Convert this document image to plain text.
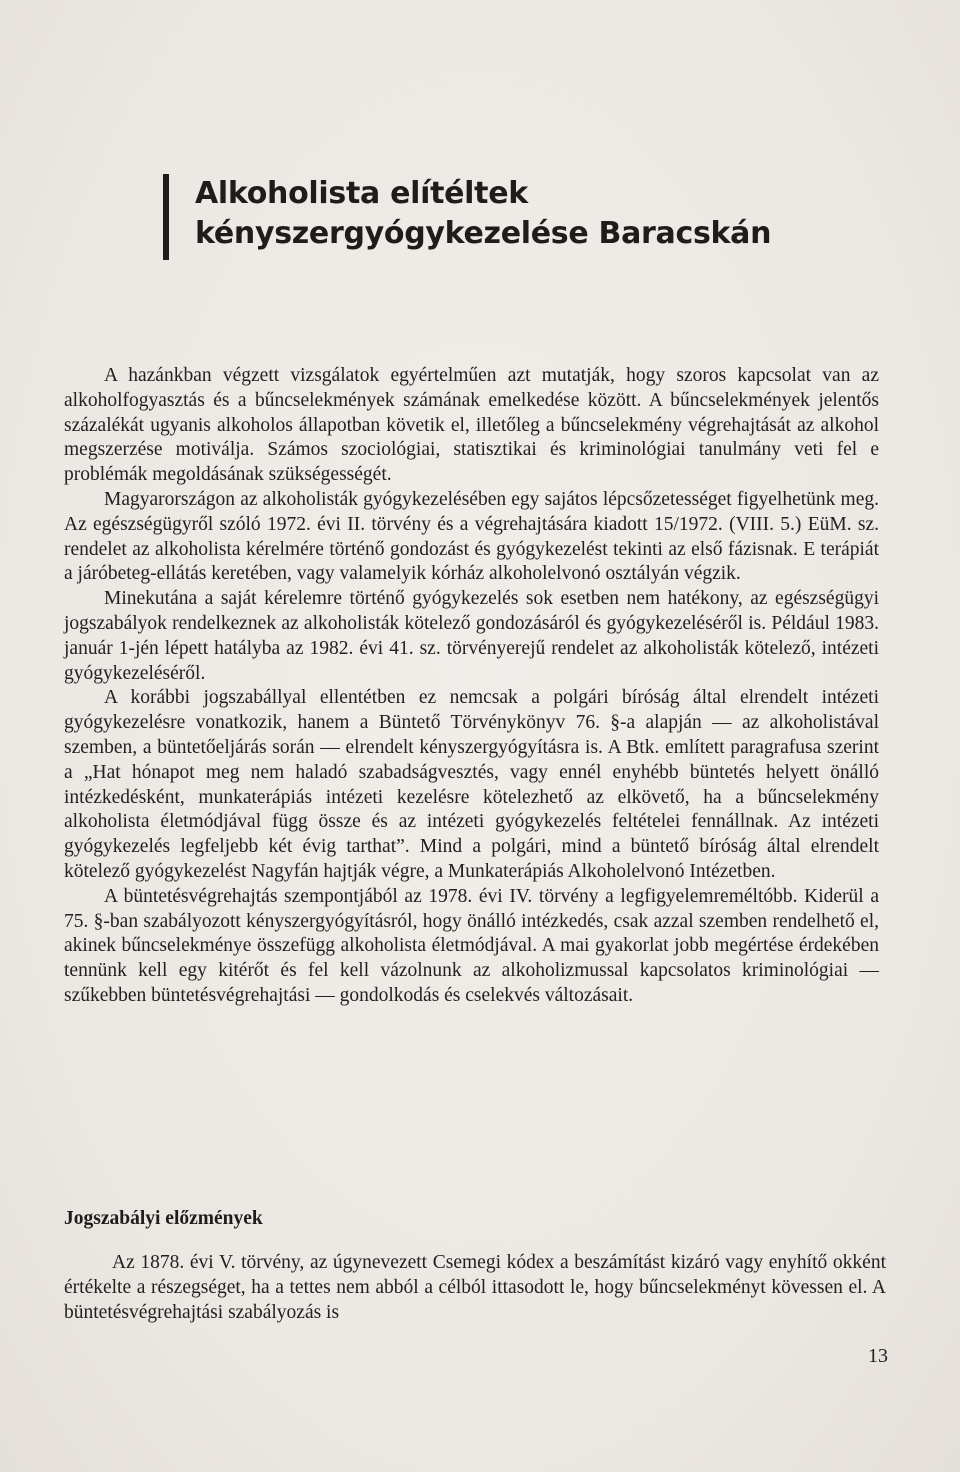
Alkoholista elítéltek
kényszergyógykezelése Baracskán

A hazánkban végzett vizsgálatok egyértelműen azt mutatják, hogy szoros kapcsolat van az alkoholfogyasztás és a bűncselekmények számának emelkedése között. A bűncselekmények jelentős százalékát ugyanis alkoholos állapotban követik el, illetőleg a bűncselekmény végrehajtását az alkohol megszerzése motiválja. Számos szociológiai, statisztikai és kriminológiai tanulmány veti fel e problémák megoldásának szükségességét.

Magyarországon az alkoholisták gyógykezelésében egy sajátos lépcsőzetességet figyelhetünk meg. Az egészségügyről szóló 1972. évi II. törvény és a végrehajtására kiadott 15/1972. (VIII. 5.) EüM. sz. rendelet az alkoholista kérelmére történő gondozást és gyógykezelést tekinti az első fázisnak. E terápiát a járóbeteg-ellátás keretében, vagy valamelyik kórház alkoholelvonó osztályán végzik.

Minekutána a saját kérelemre történő gyógykezelés sok esetben nem hatékony, az egészségügyi jogszabályok rendelkeznek az alkoholisták kötelező gondozásáról és gyógykezeléséről is. Például 1983. január 1-jén lépett hatályba az 1982. évi 41. sz. törvényerejű rendelet az alkoholisták kötelező, intézeti gyógykezeléséről.

A korábbi jogszabállyal ellentétben ez nemcsak a polgári bíróság által elrendelt intézeti gyógykezelésre vonatkozik, hanem a Büntető Törvénykönyv 76. §-a alapján — az alkoholistával szemben, a büntetőeljárás során — elrendelt kényszergyógyításra is. A Btk. említett paragrafusa szerint a „Hat hónapot meg nem haladó szabadságvesztés, vagy ennél enyhébb büntetés helyett önálló intézkedésként, munkaterápiás intézeti kezelésre kötelezhető az elkövető, ha a bűncselekmény alkoholista életmódjával függ össze és az intézeti gyógykezelés feltételei fennállnak. Az intézeti gyógykezelés legfeljebb két évig tarthat”. Mind a polgári, mind a büntető bíróság által elrendelt kötelező gyógykezelést Nagyfán hajtják végre, a Munkaterápiás Alkoholelvonó Intézetben.

A büntetésvégrehajtás szempontjából az 1978. évi IV. törvény a legfigyelemreméltóbb. Kiderül a 75. §-ban szabályozott kényszergyógyításról, hogy önálló intézkedés, csak azzal szemben rendelhető el, akinek bűncselekménye összefügg alkoholista életmódjával. A mai gyakorlat jobb megértése érdekében tennünk kell egy kitérőt és fel kell vázolnunk az alkoholizmussal kapcsolatos kriminológiai — szűkebben büntetésvégrehajtási — gondolkodás és cselekvés változásait.

Jogszabályi előzmények

Az 1878. évi V. törvény, az úgynevezett Csemegi kódex a beszámítást kizáró vagy enyhítő okként értékelte a részegséget, ha a tettes nem abból a célból ittasodott le, hogy bűncselekményt kövessen el. A büntetésvégrehajtási szabályozás is

13
